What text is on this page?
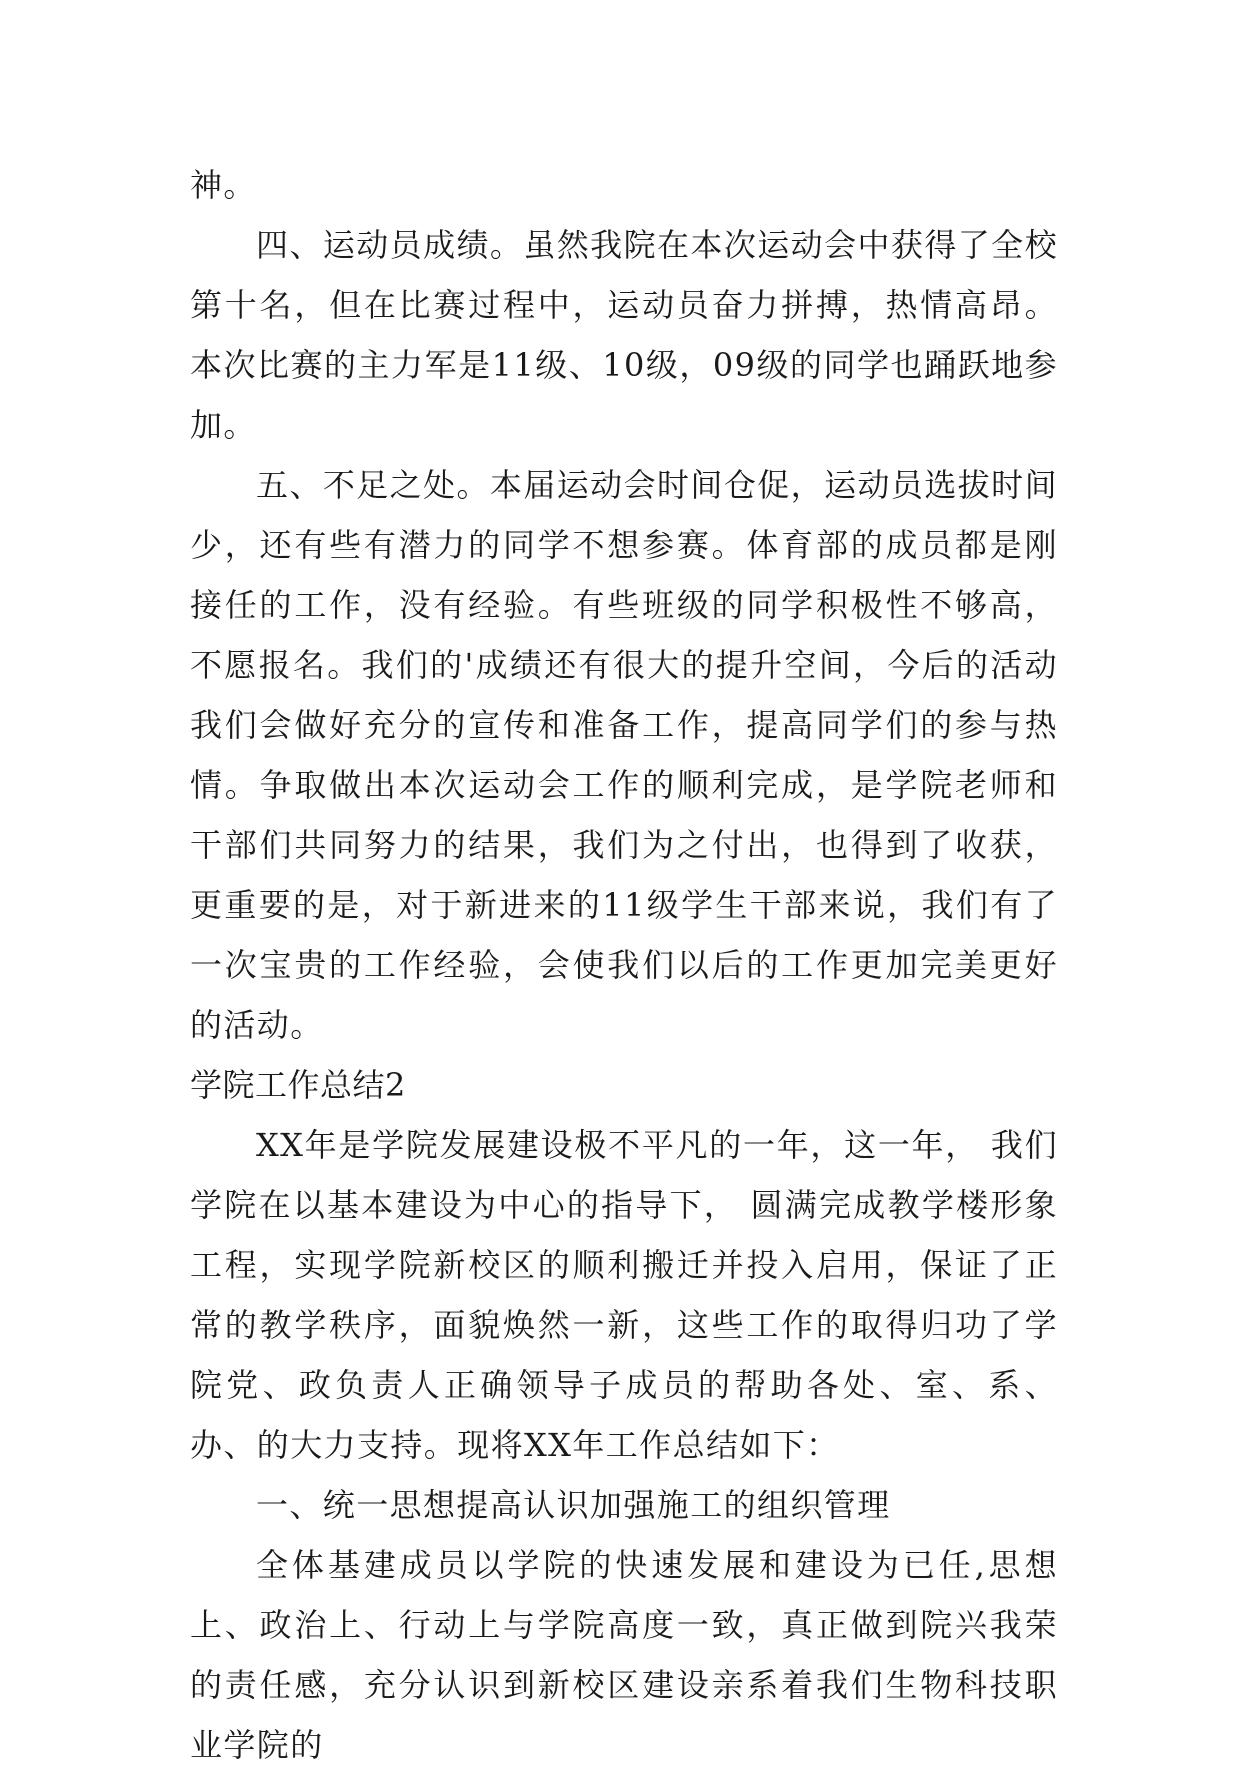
神。

四、运动员成绩。虽然我院在本次运动会中获得了全校第十名，但在比赛过程中，运动员奋力拼搏，热情高昂。本次比赛的主力军是11级、10级，09级的同学也踊跃地参加。

五、不足之处。本届运动会时间仓促，运动员选拔时间少，还有些有潜力的同学不想参赛。体育部的成员都是刚接任的工作，没有经验。有些班级的同学积极性不够高，不愿报名。我们的'成绩还有很大的提升空间，今后的活动我们会做好充分的宣传和准备工作，提高同学们的参与热情。争取做出本次运动会工作的顺利完成，是学院老师和干部们共同努力的结果，我们为之付出，也得到了收获，更重要的是，对于新进来的11级学生干部来说，我们有了一次宝贵的工作经验，会使我们以后的工作更加完美更好的活动。

学院工作总结2

XX年是学院发展建设极不平凡的一年，这一年， 我们学院在以基本建设为中心的指导下， 圆满完成教学楼形象工程，实现学院新校区的顺利搬迁并投入启用，保证了正常的教学秩序，面貌焕然一新，这些工作的取得归功了学院党、政负责人正确领导子成员的帮助各处、室、系、办、的大力支持。现将XX年工作总结如下：

一、统一思想提高认识加强施工的组织管理

全体基建成员以学院的快速发展和建设为已任,思想上、政治上、行动上与学院高度一致，真正做到院兴我荣的责任感，充分认识到新校区建设亲系着我们生物科技职业学院的
